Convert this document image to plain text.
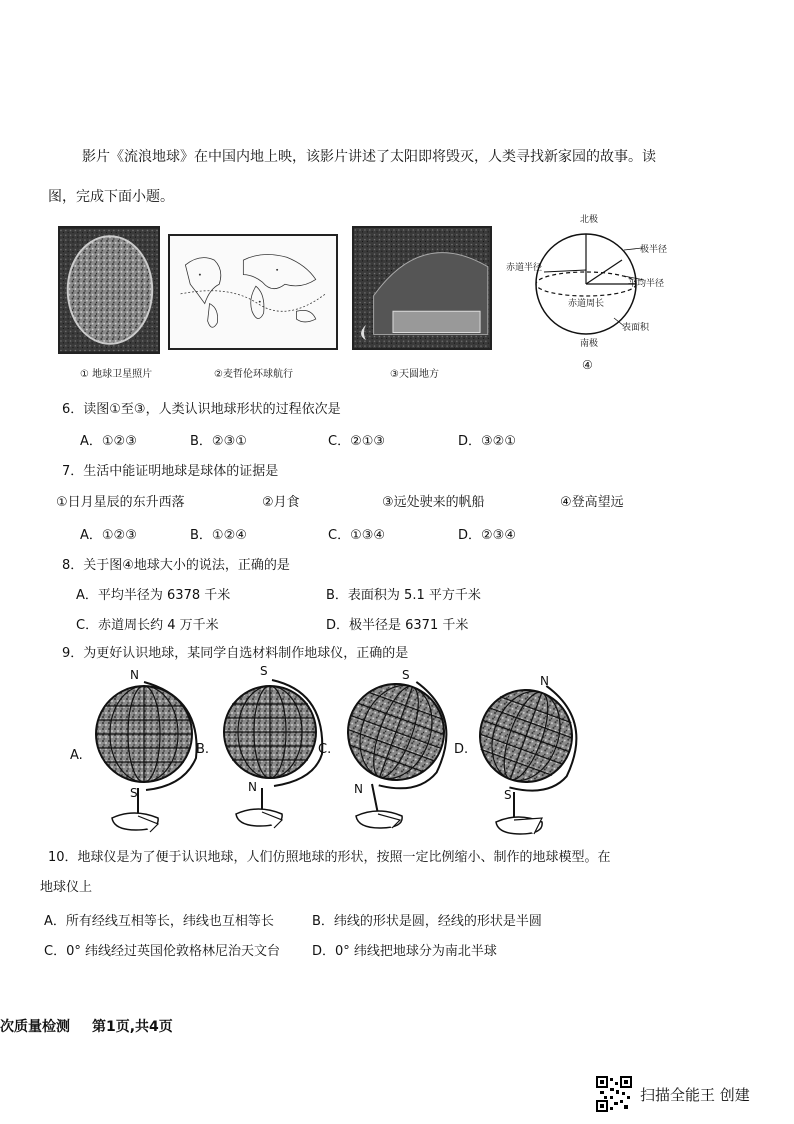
影片《流浪地球》在中国内地上映，该影片讲述了太阳即将毁灭，人类寻找新家园的故事。读
图，完成下面小题。
① 地球卫星照片	②麦哲伦环球航行	③天圆地方
北极
南极
极半径
赤道半径
平均半径
赤道周长
表面积
④
6．读图①至③，人类认识地球形状的过程依次是
A．①②③	B．②③①	C．②①③	D．③②①
7．生活中能证明地球是球体的证据是
①日月星辰的东升西落	②月食	③远处驶来的帆船	④登高望远
A．①②③	B．①②④	C．①③④	D．②③④
8．关于图④地球大小的说法，正确的是
A．平均半径为 6378 千米	B．表面积为 5.1 平方千米
C．赤道周长约 4 万千米	D．极半径是 6371 千米
9．为更好认识地球，某同学自选材料制作地球仪，正确的是
A.	B.	C.	D.
N
S
S
N
S
N
N
S
10．地球仪是为了便于认识地球，人们仿照地球的形状，按照一定比例缩小、制作的地球模型。在
地球仪上
A．所有经线互相等长，纬线也互相等长	B．纬线的形状是圆，经线的形状是半圆
C．0° 纬线经过英国伦敦格林尼治天文台 D．0° 纬线把地球分为南北半球
次质量检测 第1页,共4页
扫描全能王 创建
